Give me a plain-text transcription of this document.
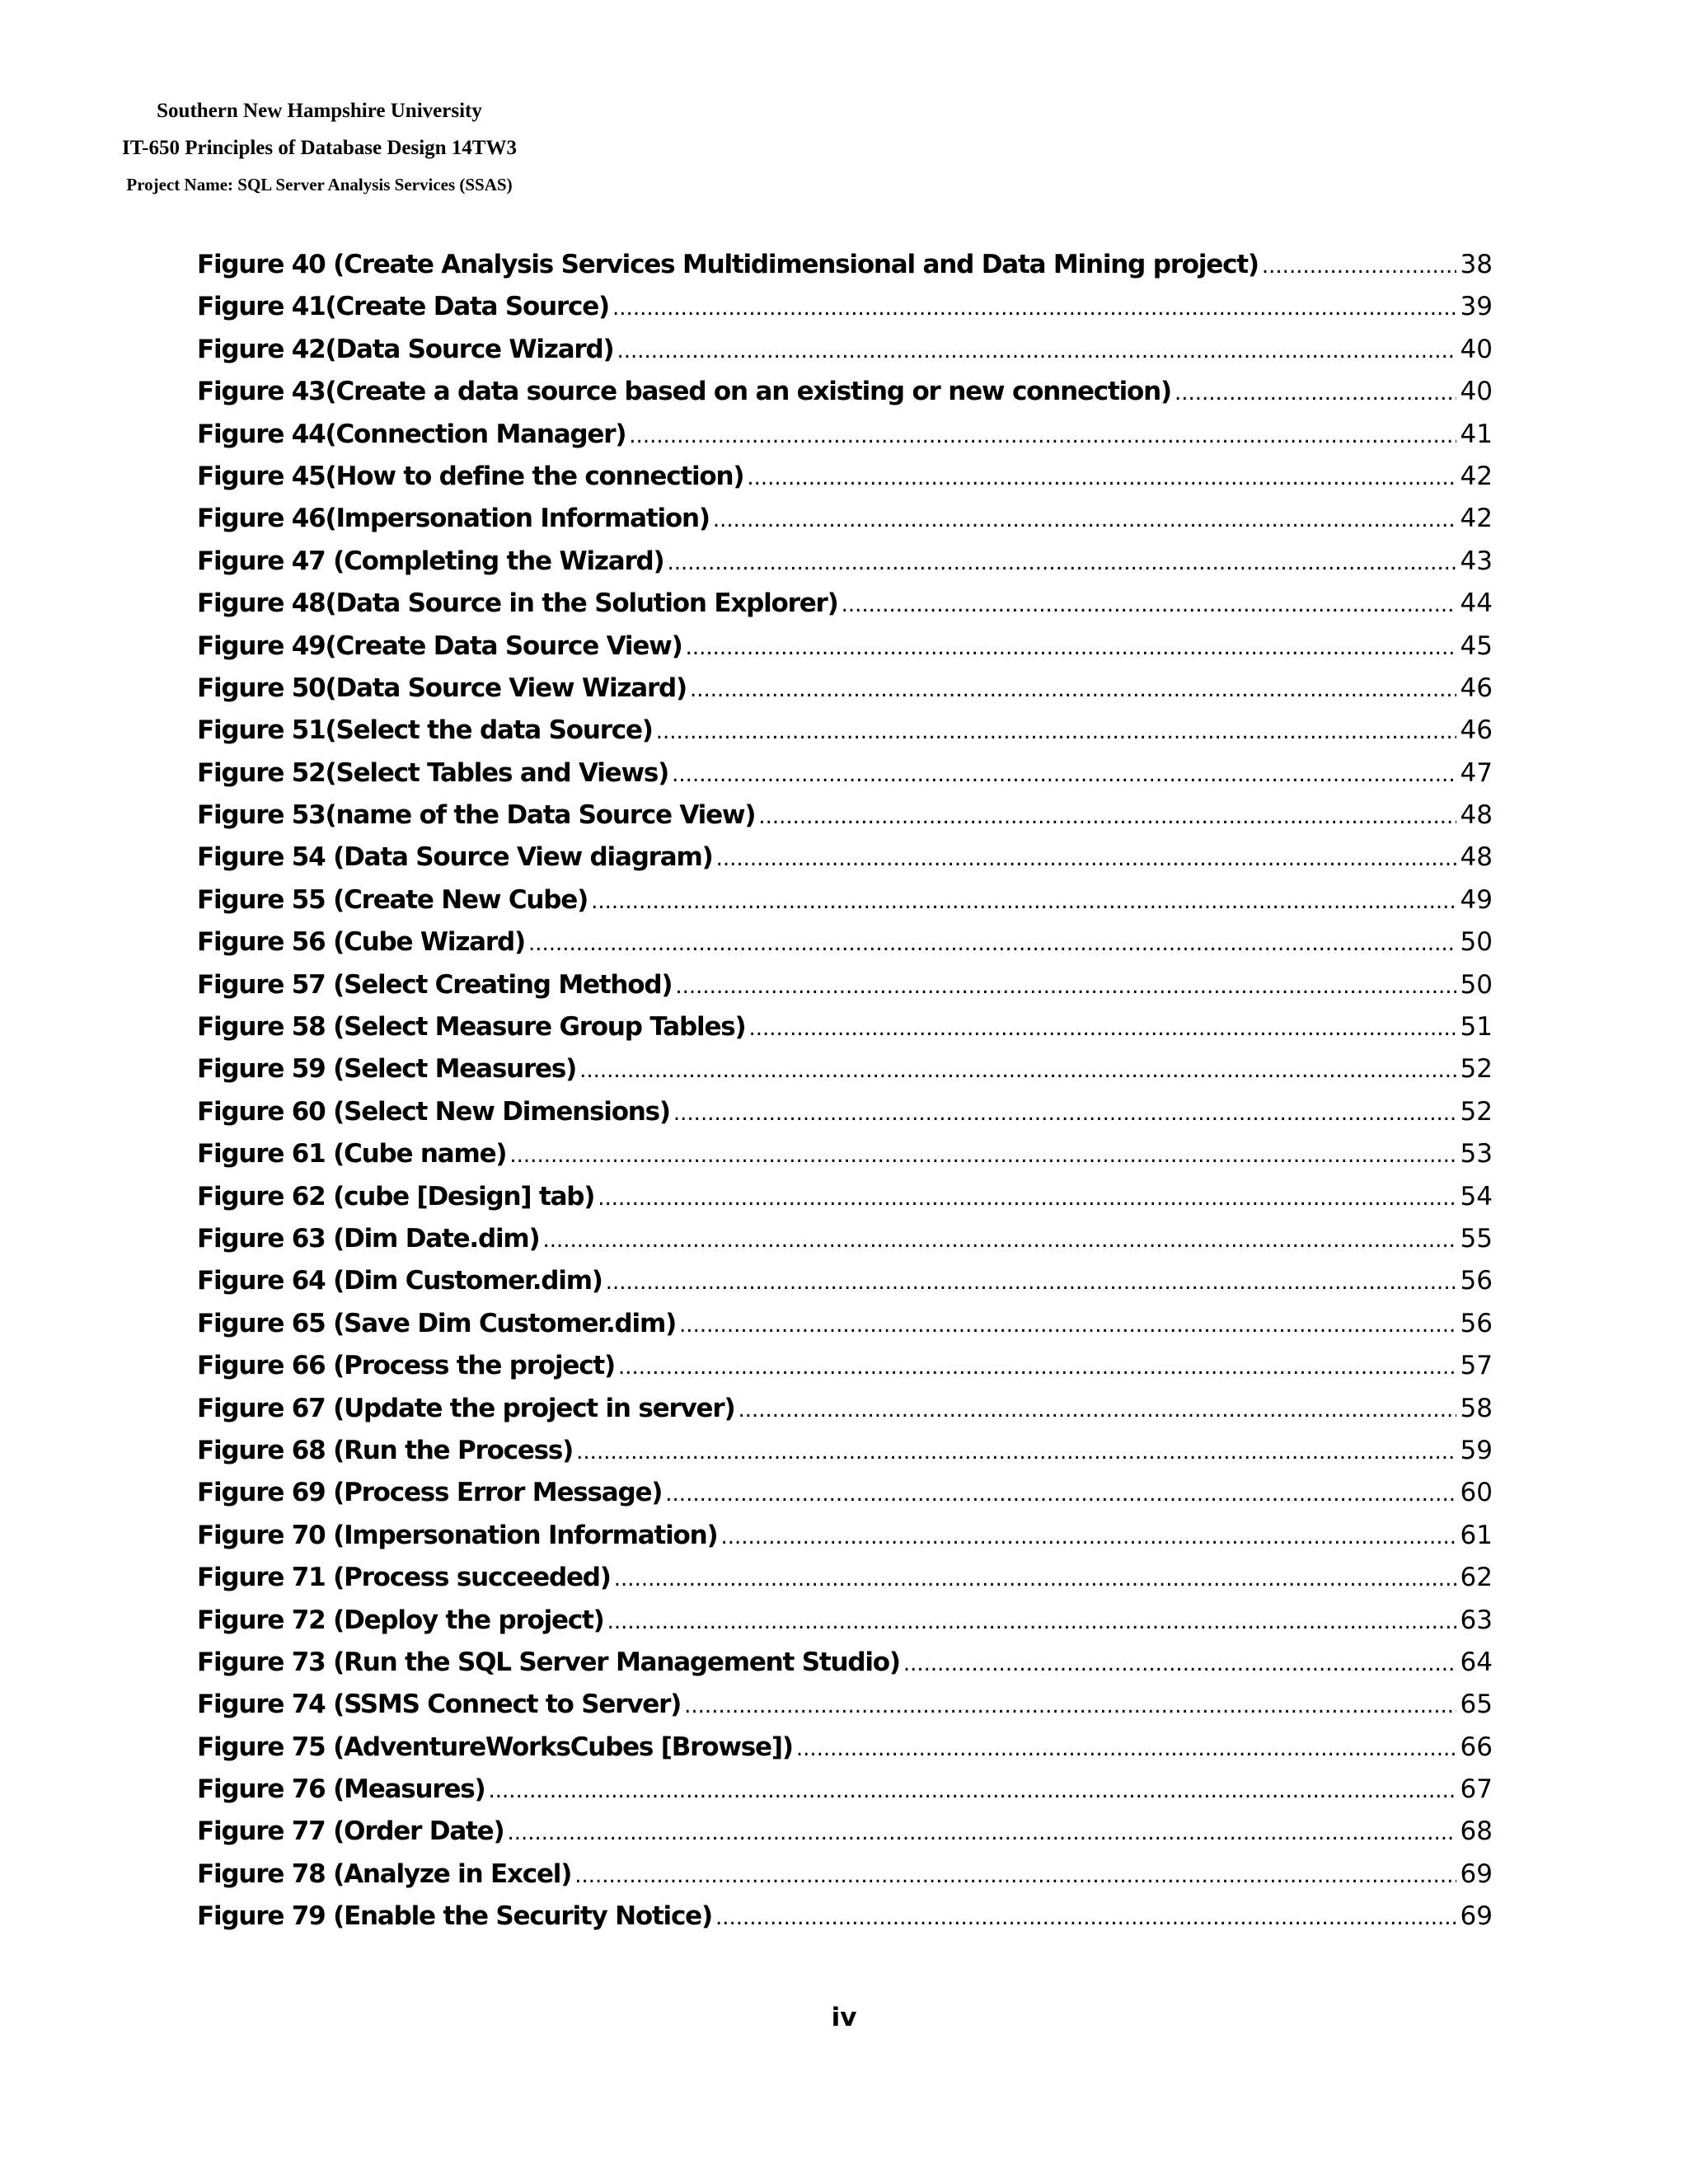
Southern New Hampshire University
IT-650 Principles of Database Design 14TW3
Project Name: SQL Server Analysis Services (SSAS)
Figure 40 (Create Analysis Services Multidimensional and Data Mining project) .....	38
Figure 41(Create Data Source) .....	39
Figure 42(Data Source Wizard) .....	40
Figure 43(Create a data source based on an existing or new connection) .....	40
Figure 44(Connection Manager) .....	41
Figure 45(How to define the connection) .....	42
Figure 46(Impersonation Information) .....	42
Figure 47 (Completing the Wizard) .....	43
Figure 48(Data Source in the Solution Explorer) .....	44
Figure 49(Create Data Source View) .....	45
Figure 50(Data Source View Wizard) .....	46
Figure 51(Select the data Source) .....	46
Figure 52(Select Tables and Views) .....	47
Figure 53(name of the Data Source View) .....	48
Figure 54 (Data Source View diagram) .....	48
Figure 55 (Create New Cube) .....	49
Figure 56 (Cube Wizard) .....	50
Figure 57 (Select Creating Method) .....	50
Figure 58 (Select Measure Group Tables) .....	51
Figure 59 (Select Measures) .....	52
Figure 60 (Select New Dimensions) .....	52
Figure 61 (Cube name) .....	53
Figure 62 (cube [Design] tab) .....	54
Figure 63 (Dim Date.dim) .....	55
Figure 64 (Dim Customer.dim) .....	56
Figure 65 (Save Dim Customer.dim) .....	56
Figure 66 (Process the project) .....	57
Figure 67 (Update the project in server) .....	58
Figure 68 (Run the Process) .....	59
Figure 69 (Process Error Message) .....	60
Figure 70 (Impersonation Information) .....	61
Figure 71 (Process succeeded) .....	62
Figure 72 (Deploy the project) .....	63
Figure 73 (Run the SQL Server Management Studio) .....	64
Figure 74 (SSMS Connect to Server) .....	65
Figure 75 (AdventureWorksCubes [Browse]) .....	66
Figure 76 (Measures) .....	67
Figure 77 (Order Date) .....	68
Figure 78 (Analyze in Excel) .....	69
Figure 79 (Enable the Security Notice) .....	69
iv
